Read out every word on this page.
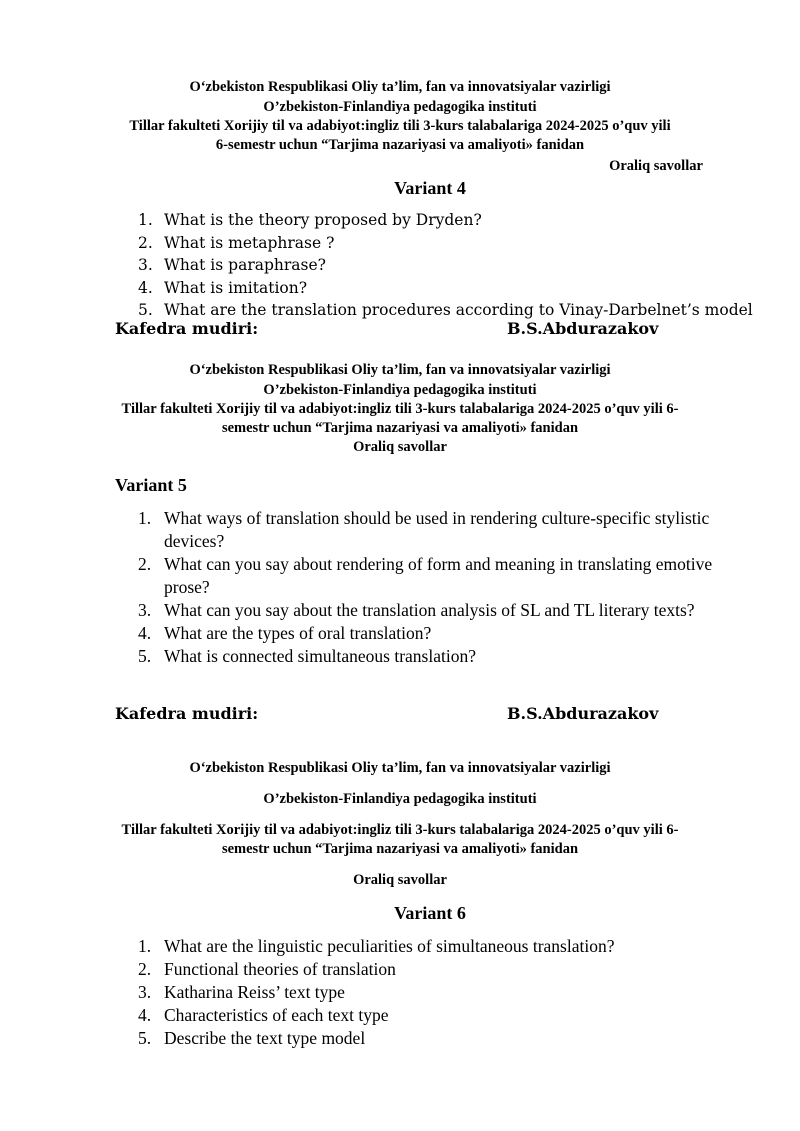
O‘zbekiston Respublikasi Oliy ta’lim, fan va innovatsiyalar vazirligi
O’zbekiston-Finlandiya pedagogika instituti
Tillar fakulteti Xorijiy til va adabiyot:ingliz tili 3-kurs talabalariga 2024-2025 o’quv yili
6-semestr uchun “Tarjima nazariyasi va amaliyoti» fanidan
Oraliq savollar
Variant 4
1. What is the theory proposed by Dryden?
2. What is metaphrase ?
3. What is paraphrase?
4. What is imitation?
5. What are the translation procedures according to Vinay-Darbelnet’s model
Kafedra mudiri:	B.S.Abdurazakov
O‘zbekiston Respublikasi Oliy ta’lim, fan va innovatsiyalar vazirligi
O’zbekiston-Finlandiya pedagogika instituti
Tillar fakulteti Xorijiy til va adabiyot:ingliz tili 3-kurs talabalariga 2024-2025 o’quv yili 6-
semestr uchun “Tarjima nazariyasi va amaliyoti» fanidan
Oraliq savollar
Variant 5
1. What ways of translation should be used in rendering culture-specific stylistic devices?
2. What can you say about rendering of form and meaning in translating emotive prose?
3. What can you say about the translation analysis of SL and TL literary texts?
4. What are the types of oral translation?
5. What is connected simultaneous translation?
Kafedra mudiri:	B.S.Abdurazakov
O‘zbekiston Respublikasi Oliy ta’lim, fan va innovatsiyalar vazirligi
O’zbekiston-Finlandiya pedagogika instituti
Tillar fakulteti Xorijiy til va adabiyot:ingliz tili 3-kurs talabalariga 2024-2025 o’quv yili 6-
semestr uchun “Tarjima nazariyasi va amaliyoti» fanidan
Oraliq savollar
Variant 6
1. What are the linguistic peculiarities of simultaneous translation?
2. Functional theories of translation
3. Katharina Reiss’ text type
4. Characteristics of each text type
5. Describe the text type model
